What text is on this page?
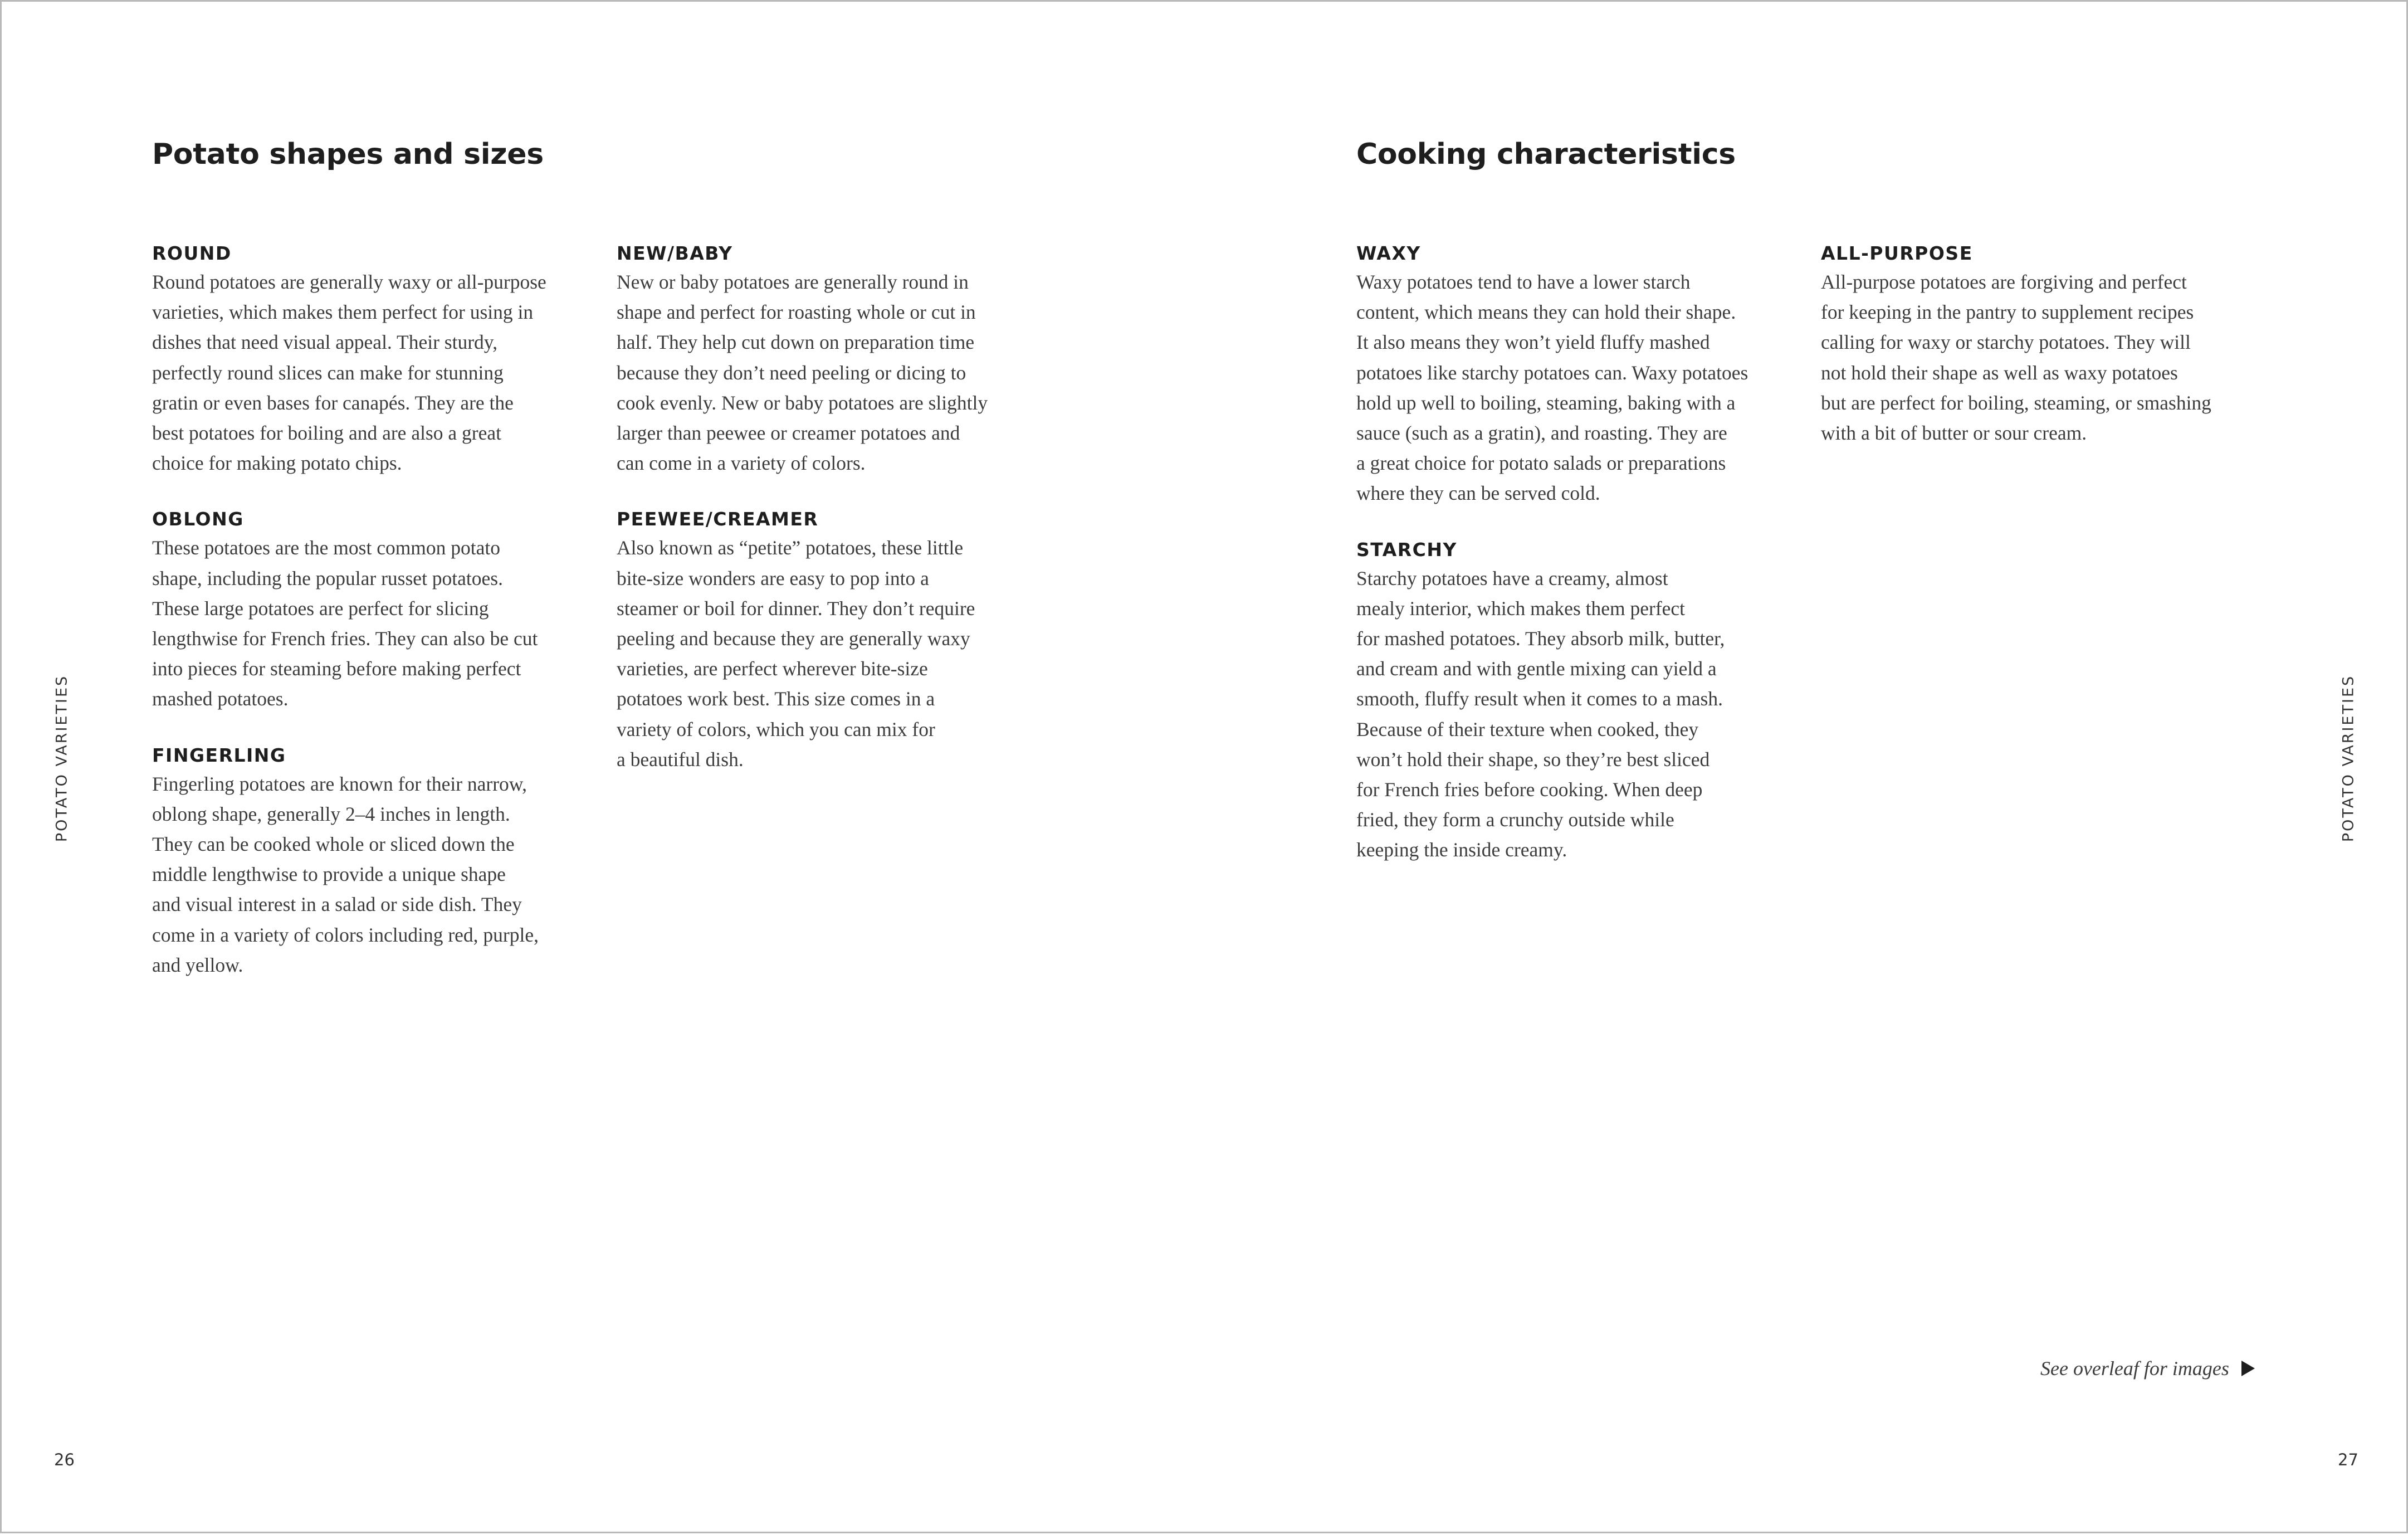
Potato shapes and sizes
ROUND

Round potatoes are generally waxy or all-purpose
varieties, which makes them perfect for using in
dishes that need visual appeal. Their sturdy,
perfectly round slices can make for stunning
gratin or even bases for canapés. They are the
best potatoes for boiling and are also a great
choice for making potato chips.

OBLONG

These potatoes are the most common potato
shape, including the popular russet potatoes.
These large potatoes are perfect for slicing
lengthwise for French fries. They can also be cut
into pieces for steaming before making perfect
mashed potatoes.

FINGERLING

Fingerling potatoes are known for their narrow,
oblong shape, generally 2–4 inches in length.
They can be cooked whole or sliced down the
middle lengthwise to provide a unique shape
and visual interest in a salad or side dish. They
come in a variety of colors including red, purple,
and yellow.

NEW/BABY

New or baby potatoes are generally round in
shape and perfect for roasting whole or cut in
half. They help cut down on preparation time
because they don’t need peeling or dicing to
cook evenly. New or baby potatoes are slightly
larger than peewee or creamer potatoes and
can come in a variety of colors.

PEEWEE/CREAMER

Also known as “petite” potatoes, these little
bite-size wonders are easy to pop into a
steamer or boil for dinner. They don’t require
peeling and because they are generally waxy
varieties, are perfect wherever bite-size
potatoes work best. This size comes in a
variety of colors, which you can mix for
a beautiful dish.

POTATO VARIETIES
26
Cooking characteristics
WAXY

Waxy potatoes tend to have a lower starch
content, which means they can hold their shape.
It also means they won’t yield fluffy mashed
potatoes like starchy potatoes can. Waxy potatoes
hold up well to boiling, steaming, baking with a
sauce (such as a gratin), and roasting. They are
a great choice for potato salads or preparations
where they can be served cold.

STARCHY

Starchy potatoes have a creamy, almost
mealy interior, which makes them perfect
for mashed potatoes. They absorb milk, butter,
and cream and with gentle mixing can yield a
smooth, fluffy result when it comes to a mash.
Because of their texture when cooked, they
won’t hold their shape, so they’re best sliced
for French fries before cooking. When deep
fried, they form a crunchy outside while
keeping the inside creamy.

ALL-PURPOSE

All-purpose potatoes are forgiving and perfect
for keeping in the pantry to supplement recipes
calling for waxy or starchy potatoes. They will
not hold their shape as well as waxy potatoes
but are perfect for boiling, steaming, or smashing
with a bit of butter or sour cream.

POTATO VARIETIES
27
See overleaf for images
